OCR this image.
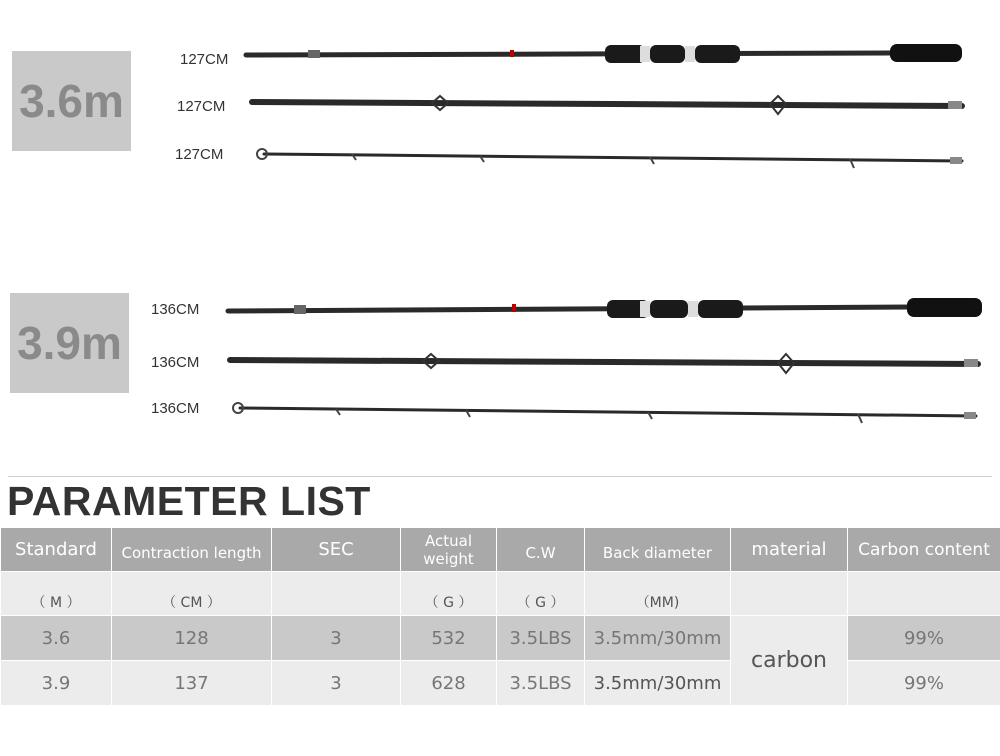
3.6m
3.9m
127CM
127CM
127CM
136CM
136CM
136CM
PARAMETER LIST
Standard	Contraction length	SEC	Actual
weight	C.W	Back diameter	material	Carbon content
（ M ）	（ CM ）		（ G ）	（ G ）	（MM)		
3.6	128	3	532	3.5LBS	3.5mm/30mm	carbon	99%
3.9	137	3	628	3.5LBS	3.5mm/30mm		99%
